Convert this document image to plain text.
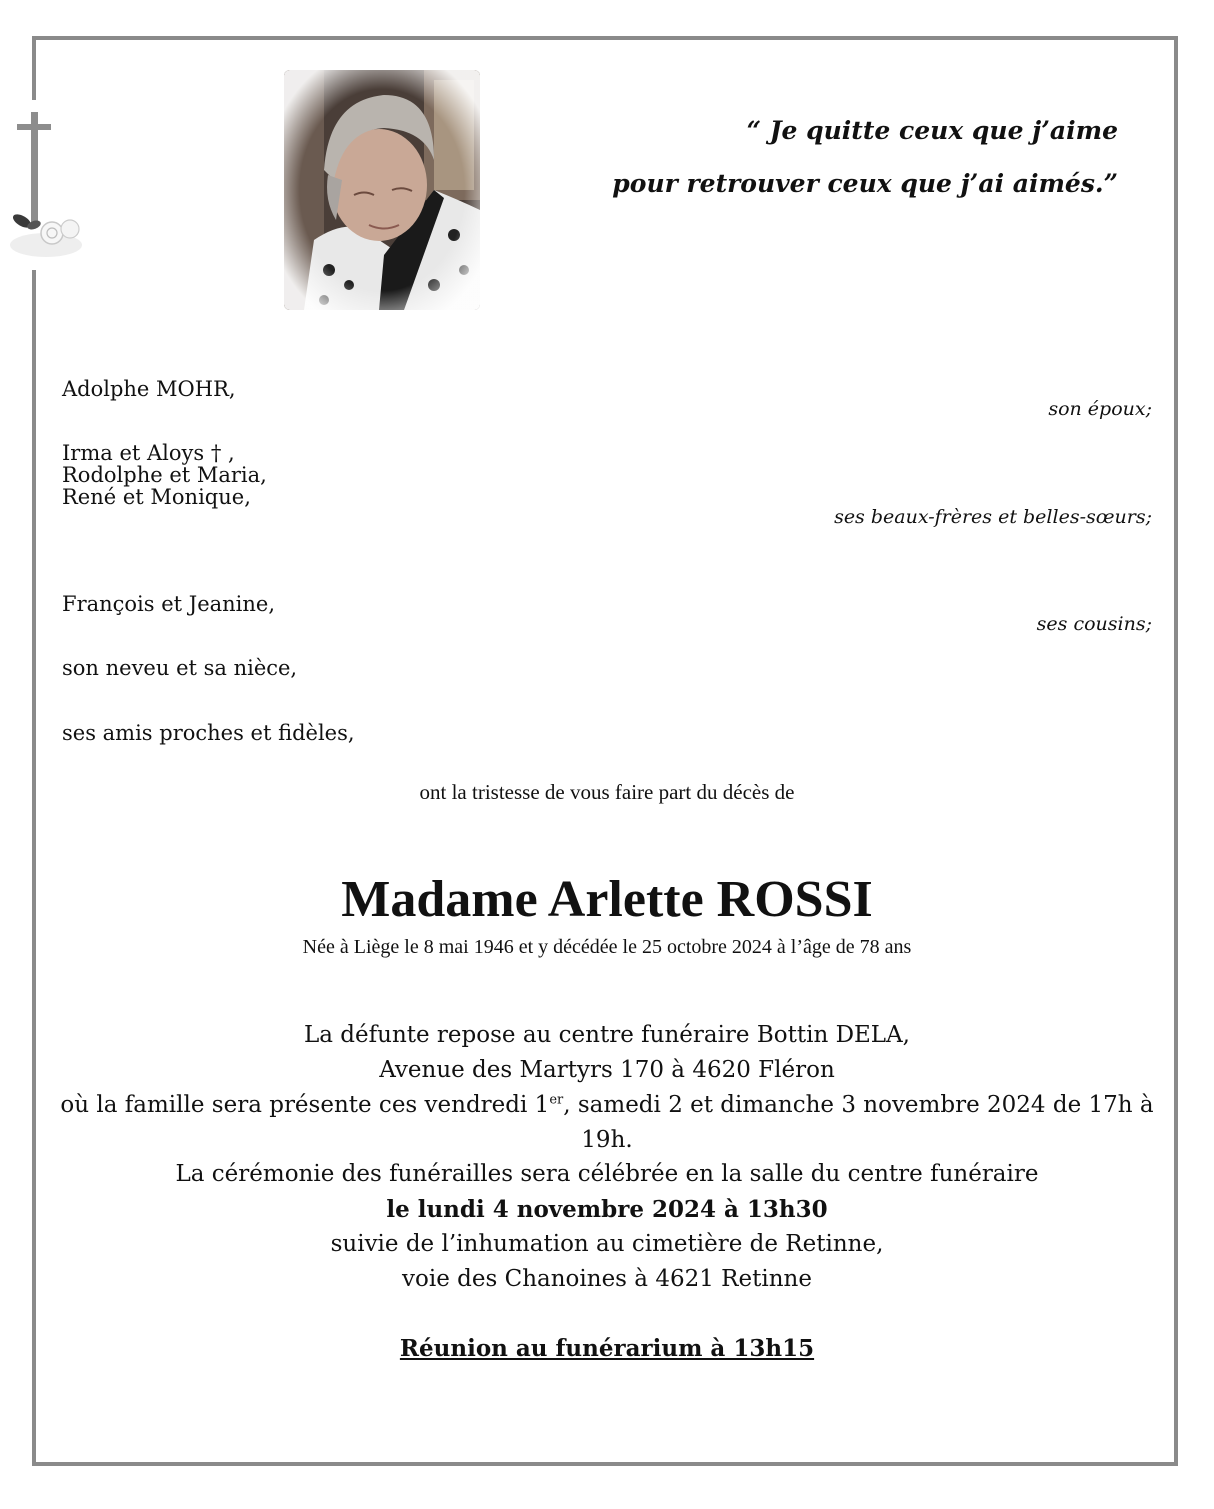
“ Je quitte ceux que j’aime
pour retrouver ceux que j’ai aimés.”
Adolphe MOHR,
son époux;
Irma et Aloys † ,
Rodolphe et Maria,
René et Monique,
ses beaux-frères et belles-sœurs;
François et Jeanine,
ses cousins;
son neveu et sa nièce,
ses amis proches et fidèles,
ont la tristesse de vous faire part du décès de
Madame Arlette ROSSI
Née à Liège le 8 mai 1946 et y décédée le 25 octobre 2024 à l’âge de 78 ans
La défunte repose au centre funéraire Bottin DELA,
Avenue des Martyrs 170 à 4620 Fléron
où la famille sera présente ces vendredi 1er, samedi 2 et dimanche 3 novembre 2024 de 17h à 19h.
La cérémonie des funérailles sera célébrée en la salle du centre funéraire
le lundi 4 novembre 2024 à 13h30
suivie de l’inhumation au cimetière de Retinne,
voie des Chanoines à 4621 Retinne
Réunion au funérarium à 13h15
